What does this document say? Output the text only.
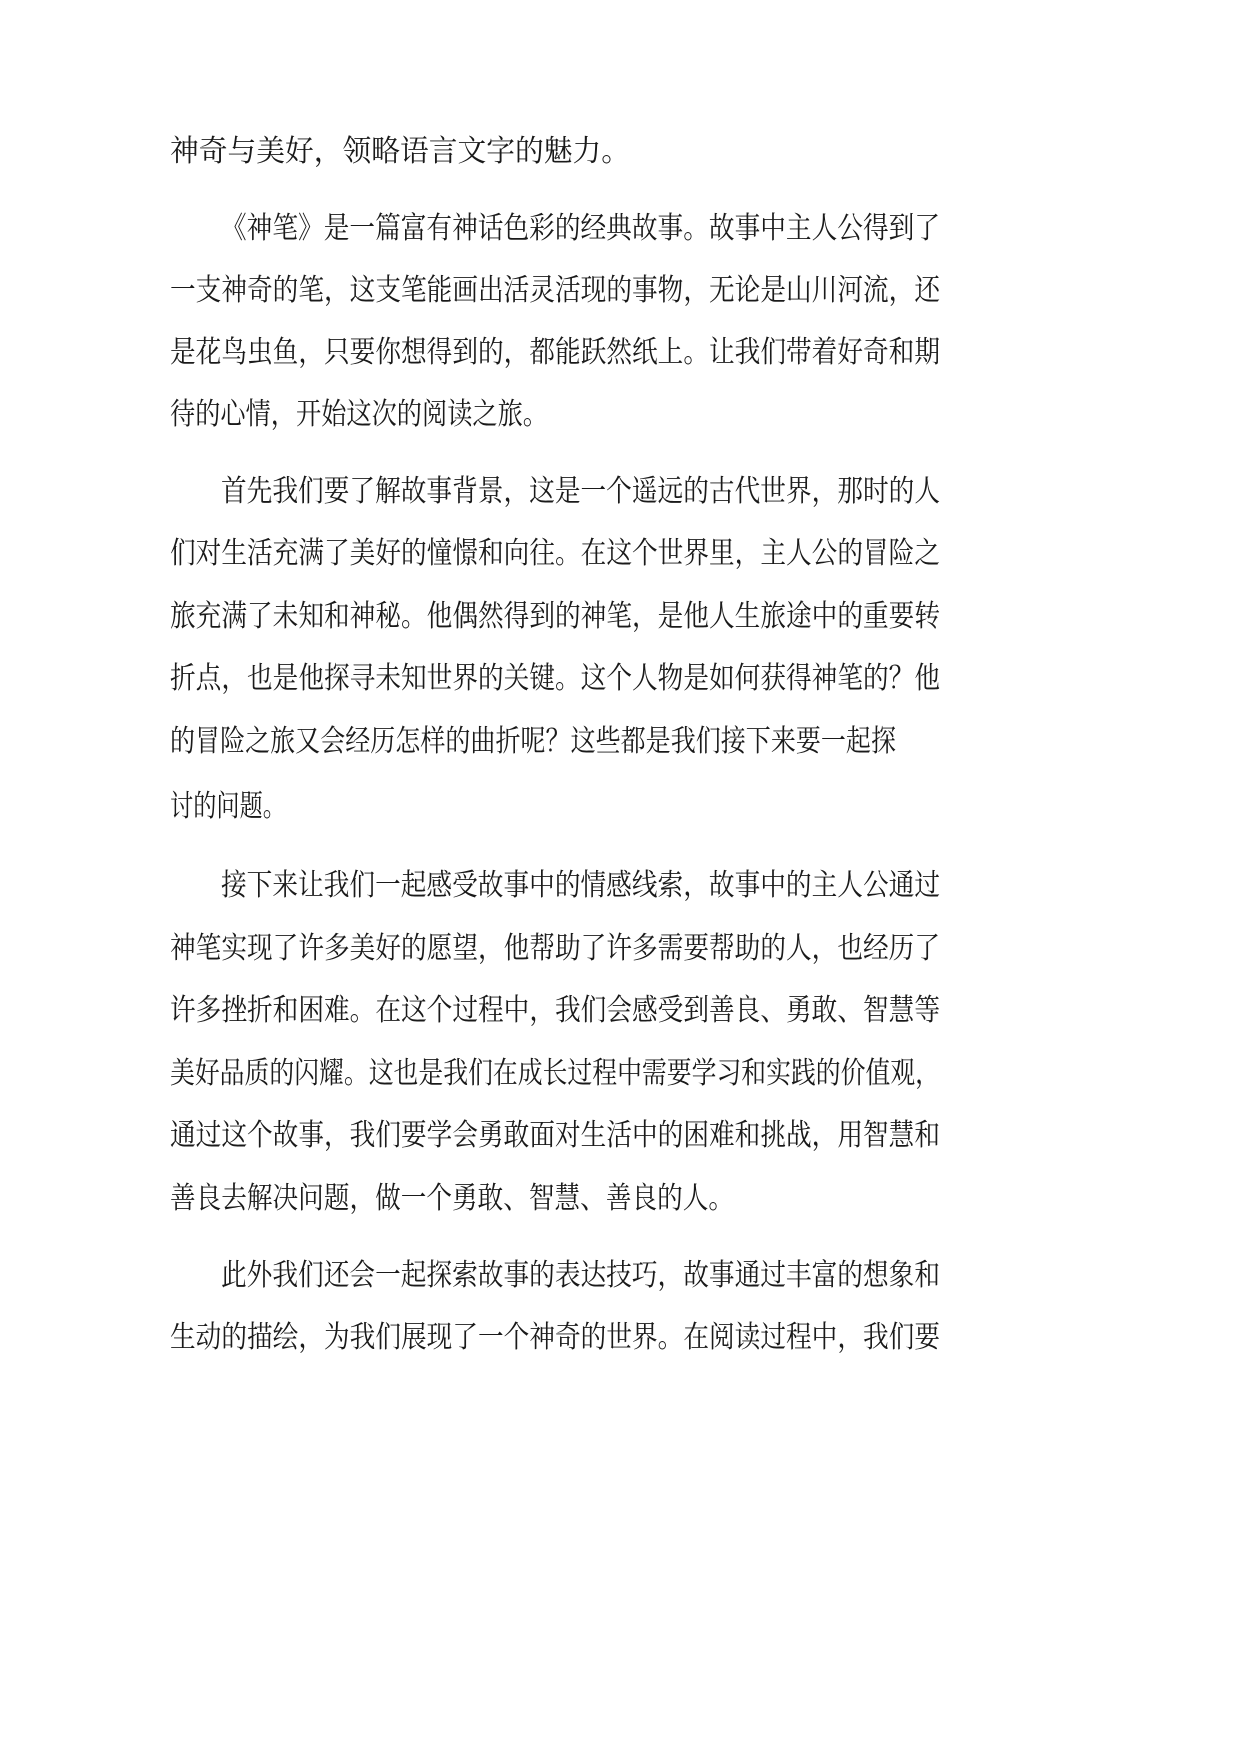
神奇与美好，领略语言文字的魅力。
《神笔》是一篇富有神话色彩的经典故事。故事中主人公得到了
一支神奇的笔，这支笔能画出活灵活现的事物，无论是山川河流，还
是花鸟虫鱼，只要你想得到的，都能跃然纸上。让我们带着好奇和期
待的心情，开始这次的阅读之旅。
首先我们要了解故事背景，这是一个遥远的古代世界，那时的人
们对生活充满了美好的憧憬和向往。在这个世界里，主人公的冒险之
旅充满了未知和神秘。他偶然得到的神笔，是他人生旅途中的重要转
折点，也是他探寻未知世界的关键。这个人物是如何获得神笔的？他
的冒险之旅又会经历怎样的曲折呢？这些都是我们接下来要一起探
讨的问题。
接下来让我们一起感受故事中的情感线索，故事中的主人公通过
神笔实现了许多美好的愿望，他帮助了许多需要帮助的人，也经历了
许多挫折和困难。在这个过程中，我们会感受到善良、勇敢、智慧等
美好品质的闪耀。这也是我们在成长过程中需要学习和实践的价值观，
通过这个故事，我们要学会勇敢面对生活中的困难和挑战，用智慧和
善良去解决问题，做一个勇敢、智慧、善良的人。
此外我们还会一起探索故事的表达技巧，故事通过丰富的想象和
生动的描绘，为我们展现了一个神奇的世界。在阅读过程中，我们要
